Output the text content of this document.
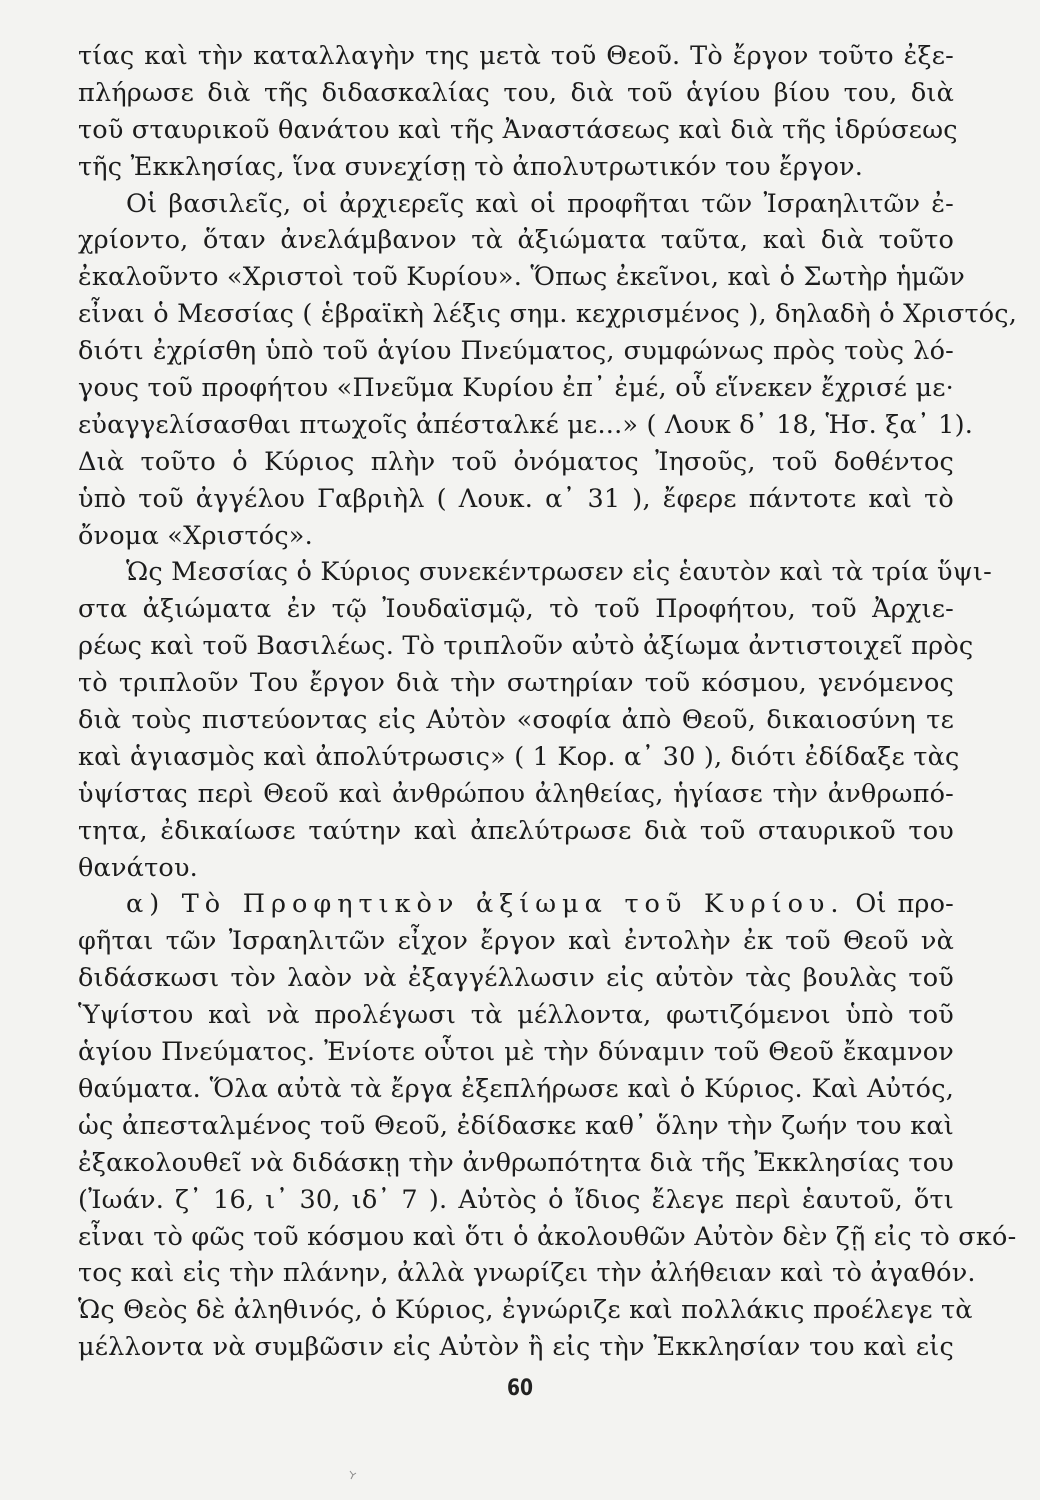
τίας καὶ τὴν καταλλαγὴν της μετὰ τοῦ Θεοῦ. Τὸ ἔργον τοῦτο ἐξε-
πλήρωσε διὰ τῆς διδασκαλίας του, διὰ τοῦ ἁγίου βίου του, διὰ
τοῦ σταυρικοῦ θανάτου καὶ τῆς Ἀναστάσεως καὶ διὰ τῆς ἱδρύσεως
τῆς Ἐκκλησίας, ἵνα συνεχίσῃ τὸ ἀπολυτρωτικόν του ἔργον.
Οἱ βασιλεῖς, οἱ ἀρχιερεῖς καὶ οἱ προφῆται τῶν Ἰσραηλιτῶν ἐ-
χρίοντο, ὅταν ἀνελάμβανον τὰ ἀξιώματα ταῦτα, καὶ διὰ τοῦτο
ἐκαλοῦντο «Χριστοὶ τοῦ Κυρίου». Ὅπως ἐκεῖνοι, καὶ ὁ Σωτὴρ ἡμῶν
εἶναι ὁ Μεσσίας ( ἑβραϊκὴ λέξις σημ. κεχρισμένος ), δηλαδὴ ὁ Χριστός,
διότι ἐχρίσθη ὑπὸ τοῦ ἁγίου Πνεύματος, συμφώνως πρὸς τοὺς λό-
γους τοῦ προφήτου «Πνεῦμα Κυρίου ἐπ᾽ ἐμέ, οὗ εἵνεκεν ἔχρισέ με·
εὐαγγελίσασθαι πτωχοῖς ἀπέσταλκέ με...» ( Λουκ δ᾽ 18, Ἡσ. ξα᾽ 1).
Διὰ τοῦτο ὁ Κύριος πλὴν τοῦ ὀνόματος Ἰησοῦς, τοῦ δοθέντος
ὑπὸ τοῦ ἀγγέλου Γαβριὴλ ( Λουκ. α᾽ 31 ), ἔφερε πάντοτε καὶ τὸ
ὄνομα «Χριστός».
Ὡς Μεσσίας ὁ Κύριος συνεκέντρωσεν εἰς ἑαυτὸν καὶ τὰ τρία ὕψι-
στα ἀξιώματα ἐν τῷ Ἰουδαϊσμῷ, τὸ τοῦ Προφήτου, τοῦ Ἀρχιε-
ρέως καὶ τοῦ Βασιλέως. Τὸ τριπλοῦν αὐτὸ ἀξίωμα ἀντιστοιχεῖ πρὸς
τὸ τριπλοῦν Του ἔργον διὰ τὴν σωτηρίαν τοῦ κόσμου, γενόμενος
διὰ τοὺς πιστεύοντας εἰς Αὐτὸν «σοφία ἀπὸ Θεοῦ, δικαιοσύνη τε
καὶ ἁγιασμὸς καὶ ἀπολύτρωσις» ( 1 Κορ. α᾽ 30 ), διότι ἐδίδαξε τὰς
ὑψίστας περὶ Θεοῦ καὶ ἀνθρώπου ἀληθείας, ἡγίασε τὴν ἀνθρωπό-
τητα, ἐδικαίωσε ταύτην καὶ ἀπελύτρωσε διὰ τοῦ σταυρικοῦ του
θανάτου.
α) Τὸ Προφητικὸν ἀξίωμα τοῦ Κυρίου. Οἱ προ-
φῆται τῶν Ἰσραηλιτῶν εἶχον ἔργον καὶ ἐντολὴν ἐκ τοῦ Θεοῦ νὰ
διδάσκωσι τὸν λαὸν νὰ ἐξαγγέλλωσιν εἰς αὐτὸν τὰς βουλὰς τοῦ
Ὑψίστου καὶ νὰ προλέγωσι τὰ μέλλοντα, φωτιζόμενοι ὑπὸ τοῦ
ἁγίου Πνεύματος. Ἐνίοτε οὗτοι μὲ τὴν δύναμιν τοῦ Θεοῦ ἔκαμνον
θαύματα. Ὅλα αὐτὰ τὰ ἔργα ἐξεπλήρωσε καὶ ὁ Κύριος. Καὶ Αὐτός,
ὡς ἀπεσταλμένος τοῦ Θεοῦ, ἐδίδασκε καθ᾽ ὅλην τὴν ζωήν του καὶ
ἐξακολουθεῖ νὰ διδάσκῃ τὴν ἀνθρωπότητα διὰ τῆς Ἐκκλησίας του
(Ἰωάν. ζ᾽ 16, ι᾽ 30, ιδ᾽ 7 ). Αὐτὸς ὁ ἴδιος ἔλεγε περὶ ἑαυτοῦ, ὅτι
εἶναι τὸ φῶς τοῦ κόσμου καὶ ὅτι ὁ ἀκολουθῶν Αὐτὸν δὲν ζῇ εἰς τὸ σκό-
τος καὶ εἰς τὴν πλάνην, ἀλλὰ γνωρίζει τὴν ἀλήθειαν καὶ τὸ ἀγαθόν.
Ὡς Θεὸς δὲ ἀληθινός, ὁ Κύριος, ἐγνώριζε καὶ πολλάκις προέλεγε τὰ
μέλλοντα νὰ συμβῶσιν εἰς Αὐτὸν ἢ εἰς τὴν Ἐκκλησίαν του καὶ εἰς
60
